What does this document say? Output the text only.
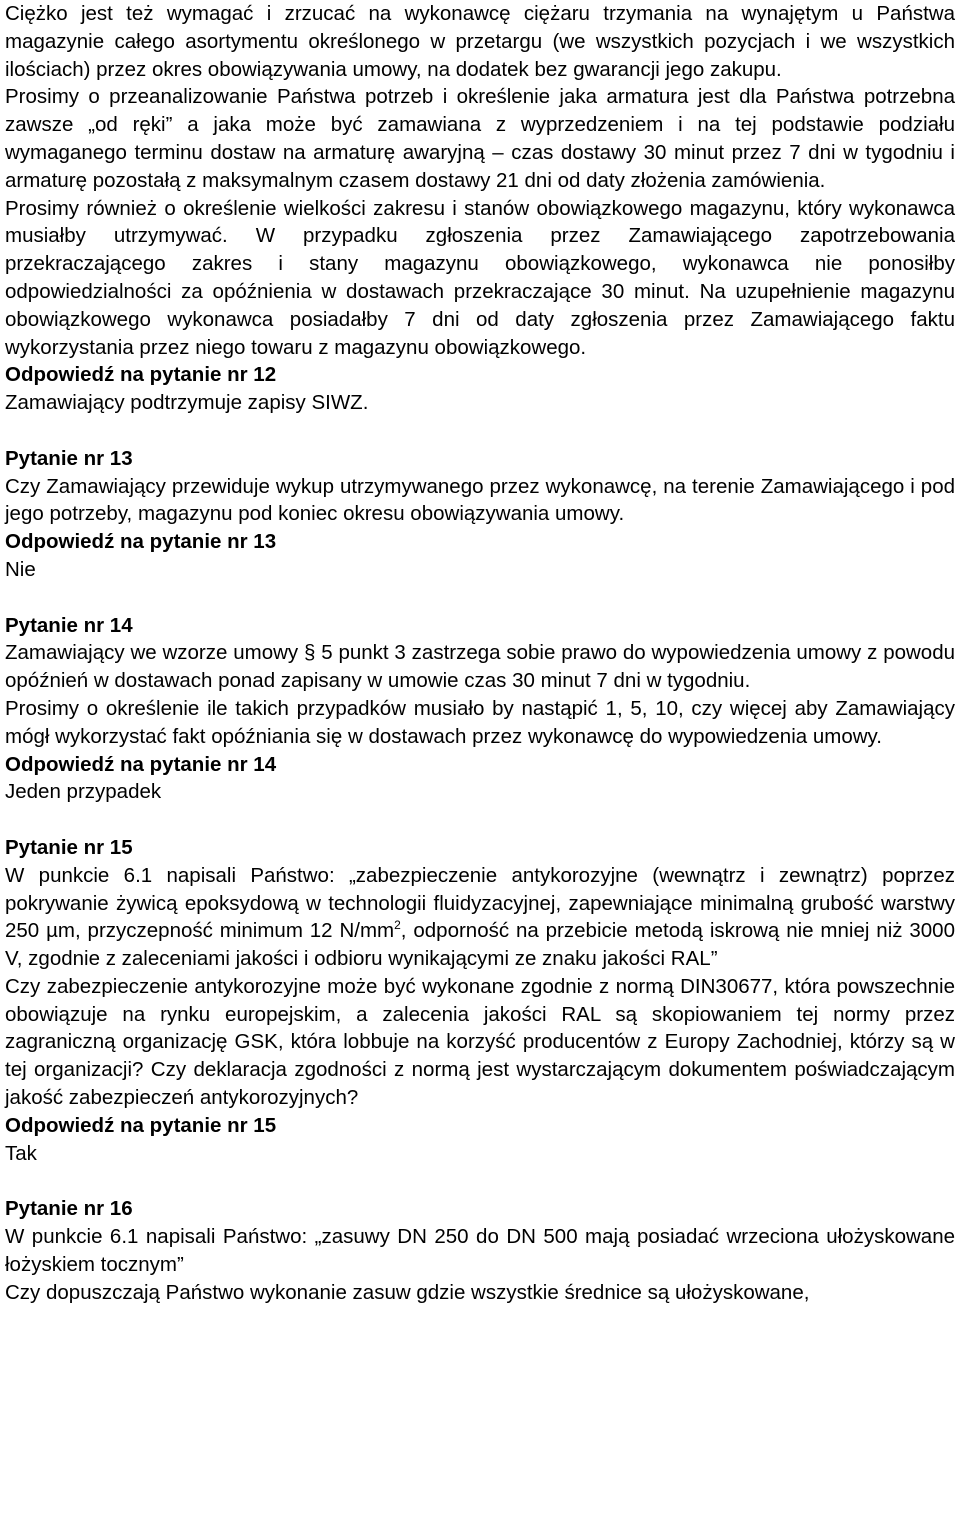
Ciężko jest też wymagać i zrzucać na wykonawcę ciężaru trzymania na wynajętym u Państwa magazynie całego asortymentu określonego w przetargu (we wszystkich pozycjach i we wszystkich ilościach) przez okres obowiązywania umowy, na dodatek bez gwarancji jego zakupu.

Prosimy o przeanalizowanie Państwa potrzeb i określenie jaka armatura jest dla Państwa potrzebna zawsze „od ręki” a jaka może być zamawiana z wyprzedzeniem i na tej podstawie podziału wymaganego terminu dostaw na armaturę awaryjną – czas dostawy 30 minut przez 7 dni w tygodniu i armaturę pozostałą z maksymalnym czasem dostawy 21 dni od daty złożenia zamówienia.

Prosimy również o określenie wielkości zakresu i stanów obowiązkowego magazynu, który wykonawca musiałby utrzymywać. W przypadku zgłoszenia przez Zamawiającego zapotrzebowania przekraczającego zakres i stany magazynu obowiązkowego, wykonawca nie ponosiłby odpowiedzialności za opóźnienia w dostawach przekraczające 30 minut. Na uzupełnienie magazynu obowiązkowego wykonawca posiadałby 7 dni od daty zgłoszenia przez Zamawiającego faktu wykorzystania przez niego towaru z magazynu obowiązkowego.

Odpowiedź na pytanie nr 12

Zamawiający podtrzymuje zapisy SIWZ.

Pytanie nr 13

Czy Zamawiający przewiduje wykup utrzymywanego przez wykonawcę, na terenie Zamawiającego i pod jego potrzeby, magazynu pod koniec okresu obowiązywania umowy.

Odpowiedź na pytanie nr 13

Nie

Pytanie nr 14

Zamawiający we wzorze umowy § 5 punkt 3 zastrzega sobie prawo do wypowiedzenia umowy z powodu opóźnień w dostawach ponad zapisany w umowie czas 30 minut 7 dni w tygodniu.

Prosimy o określenie ile takich przypadków musiało by nastąpić 1, 5, 10, czy więcej aby Zamawiający mógł wykorzystać fakt opóźniania się w dostawach przez wykonawcę do wypowiedzenia umowy.

Odpowiedź na pytanie nr 14

Jeden przypadek

Pytanie nr 15

W punkcie 6.1 napisali Państwo: „zabezpieczenie antykorozyjne (wewnątrz i zewnątrz) poprzez pokrywanie żywicą epoksydową w technologii fluidyzacyjnej, zapewniające minimalną grubość warstwy 250 µm, przyczepność minimum 12 $N/mm^2$, odporność na przebicie metodą iskrową nie mniej niż 3000 V, zgodnie z zaleceniami jakości i odbioru wynikającymi ze znaku jakości RAL”

Czy zabezpieczenie antykorozyjne może być wykonane zgodnie z normą DIN30677, która powszechnie obowiązuje na rynku europejskim, a zalecenia jakości RAL są skopiowaniem tej normy przez zagraniczną organizację GSK, która lobbuje na korzyść producentów z Europy Zachodniej, którzy są w tej organizacji? Czy deklaracja zgodności z normą jest wystarczającym dokumentem poświadczającym jakość zabezpieczeń antykorozyjnych?

Odpowiedź na pytanie nr 15

Tak

Pytanie nr 16

W punkcie 6.1 napisali Państwo: „zasuwy DN 250 do DN 500 mają posiadać wrzeciona ułożyskowane łożyskiem tocznym”

Czy dopuszczają Państwo wykonanie zasuw gdzie wszystkie średnice są ułożyskowane,
